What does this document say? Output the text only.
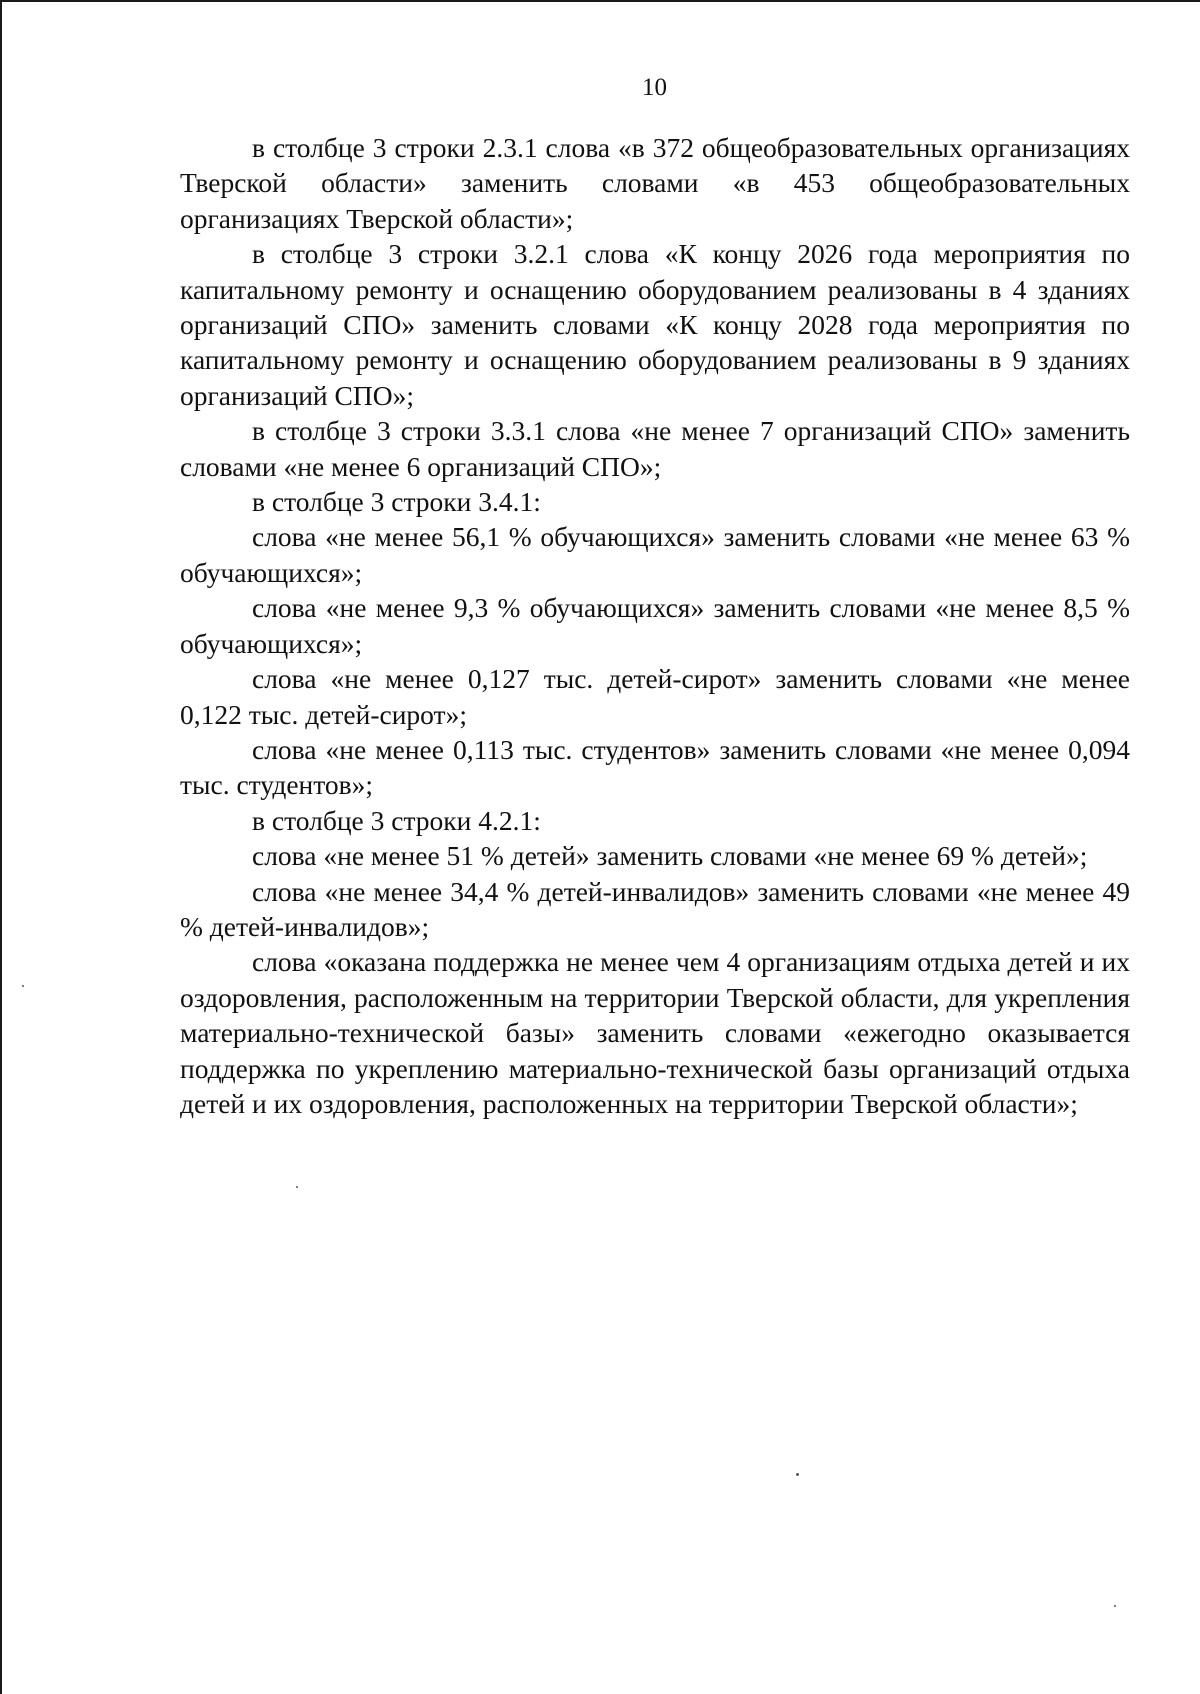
10

в столбце 3 строки 2.3.1 слова «в 372 общеобразовательных организациях Тверской области» заменить словами «в 453 общеобразовательных организациях Тверской области»;

в столбце 3 строки 3.2.1 слова «К концу 2026 года мероприятия по капитальному ремонту и оснащению оборудованием реализованы в 4 зданиях организаций СПО» заменить словами «К концу 2028 года мероприятия по капитальному ремонту и оснащению оборудованием реализованы в 9 зданиях организаций СПО»;

в столбце 3 строки 3.3.1 слова «не менее 7 организаций СПО» заменить словами «не менее 6 организаций СПО»;

в столбце 3 строки 3.4.1:

слова «не менее 56,1 % обучающихся» заменить словами «не менее 63 % обучающихся»;

слова «не менее 9,3 % обучающихся» заменить словами «не менее 8,5 % обучающихся»;

слова «не менее 0,127 тыс. детей-сирот» заменить словами «не менее 0,122 тыс. детей-сирот»;

слова «не менее 0,113 тыс. студентов» заменить словами «не менее 0,094 тыс. студентов»;

в столбце 3 строки 4.2.1:

слова «не менее 51 % детей» заменить словами «не менее 69 % детей»;

слова «не менее 34,4 % детей-инвалидов» заменить словами «не менее 49 % детей-инвалидов»;

слова «оказана поддержка не менее чем 4 организациям отдыха детей и их оздоровления, расположенным на территории Тверской области, для укрепления материально-технической базы» заменить словами «ежегодно оказывается поддержка по укреплению материально-технической базы организаций отдыха детей и их оздоровления, расположенных на территории Тверской области»;
